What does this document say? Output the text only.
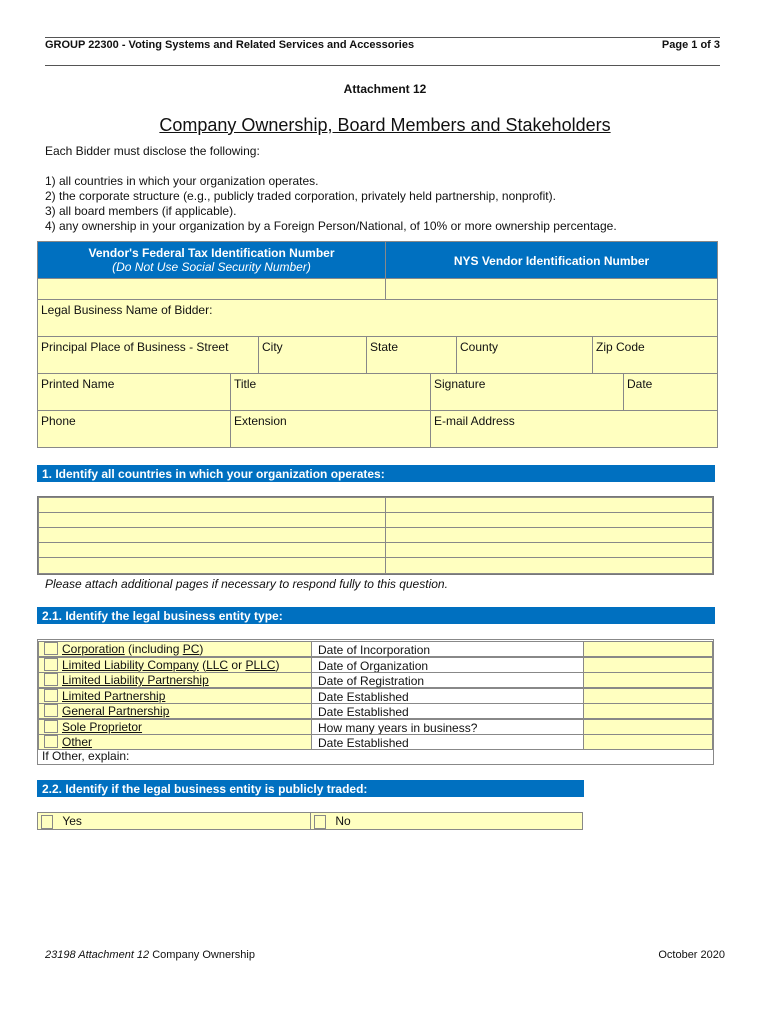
GROUP 22300 - Voting Systems and Related Services and Accessories	Page 1 of 3
Attachment 12
Company Ownership, Board Members and Stakeholders
Each Bidder must disclose the following:
1) all countries in which your organization operates.
2) the corporate structure (e.g., publicly traded corporation, privately held partnership, nonprofit).
3) all board members (if applicable).
4) any ownership in your organization by a Foreign Person/National, of 10% or more ownership percentage.
Vendor's Federal Tax Identification Number
(Do Not Use Social Security Number)	NYS Vendor Identification Number
Legal Business Name of Bidder:
Principal Place of Business - Street	City	State	County	Zip Code
Printed Name	Title	Signature	Date
Phone	Extension	E-mail Address
1. Identify all countries in which your organization operates:
Please attach additional pages if necessary to respond fully to this question.
2.1. Identify the legal business entity type:
Corporation (including PC)	Date of Incorporation
Limited Liability Company (LLC or PLLC)	Date of Organization
Limited Liability Partnership	Date of Registration
Limited Partnership	Date Established
General Partnership	Date Established
Sole Proprietor	How many years in business?
Other	Date Established
If Other, explain:
2.2. Identify if the legal business entity is publicly traded:
Yes	No
23198 Attachment 12 Company Ownership	October 2020
